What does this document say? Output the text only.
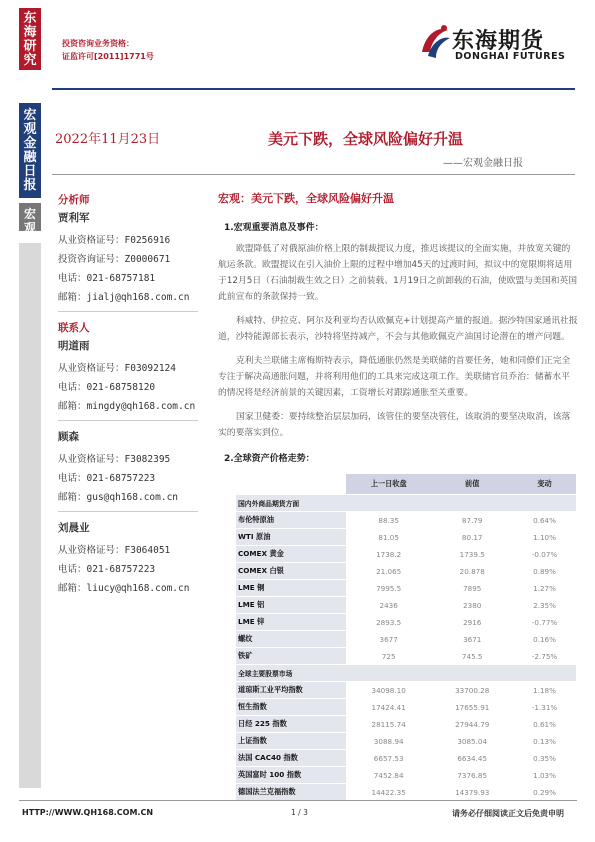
东海研究
宏观金融日报
宏观
投资咨询业务资格：
证监许可[2011]1771号
东海期货
DONGHAI FUTURES
2022年11月23日	美元下跌，全球风险偏好升温
——宏观金融日报
分析师
贾利军
从业资格证号：F0256916
投资咨询证号：Z0000671
电话：021-68757181
邮箱：jialj@qh168.com.cn
联系人
明道雨
从业资格证号：F03092124
电话：021-68758120
邮箱：mingdy@qh168.com.cn
顾森
从业资格证号：F3082395
电话：021-68757223
邮箱：gus@qh168.com.cn
刘晨业
从业资格证号：F3064051
电话：021-68757223
邮箱：liucy@qh168.com.cn
宏观：美元下跌，全球风险偏好升温
1.宏观重要消息及事件：
欧盟降低了对俄原油价格上限的制裁提议力度，推迟该提议的全面实施，并放宽关键的航运条款。欧盟提议在引入油价上限的过程中增加45天的过渡时间，拟议中的宽限期将适用于12月5日（石油制裁生效之日）之前装载、1月19日之前卸载的石油，使欧盟与美国和英国此前宣布的条款保持一致。
科威特、伊拉克、阿尔及利亚均否认欧佩克+计划提高产量的报道。据沙特国家通讯社报道，沙特能源部长表示，沙特将坚持减产，不会与其他欧佩克产油国讨论潜在的增产问题。
克利夫兰联储主席梅斯特表示，降低通胀仍然是美联储的首要任务，她和同僚们正完全专注于解决高通胀问题，并将利用他们的工具来完成这项工作。美联储官员乔治：储蓄水平的情况将是经济前景的关键因素，工资增长对跟踪通胀至关重要。
国家卫健委：要持续整治层层加码，该管住的要坚决管住，该取消的要坚决取消，该落实的要落实到位。
2.全球资产价格走势：
	上一日收盘	前值	变动
国内外商品期货方面			
布伦特原油	88.35	87.79	0.64%
WTI 原油	81.05	80.17	1.10%
COMEX 黄金	1738.2	1739.5	-0.07%
COMEX 白银	21.065	20.878	0.89%
LME 铜	7995.5	7895	1.27%
LME 铝	2436	2380	2.35%
LME 锌	2893.5	2916	-0.77%
螺纹	3677	3671	0.16%
铁矿	725	745.5	-2.75%
全球主要股票市场			
道琼斯工业平均指数	34098.10	33700.28	1.18%
恒生指数	17424.41	17655.91	-1.31%
日经 225 指数	28115.74	27944.79	0.61%
上证指数	3088.94	3085.04	0.13%
法国 CAC40 指数	6657.53	6634.45	0.35%
英国富时 100 指数	7452.84	7376.85	1.03%
德国法兰克福指数	14422.35	14379.93	0.29%
HTTP://WWW.QH168.COM.CN	1 / 3	请务必仔细阅读正文后免责申明
